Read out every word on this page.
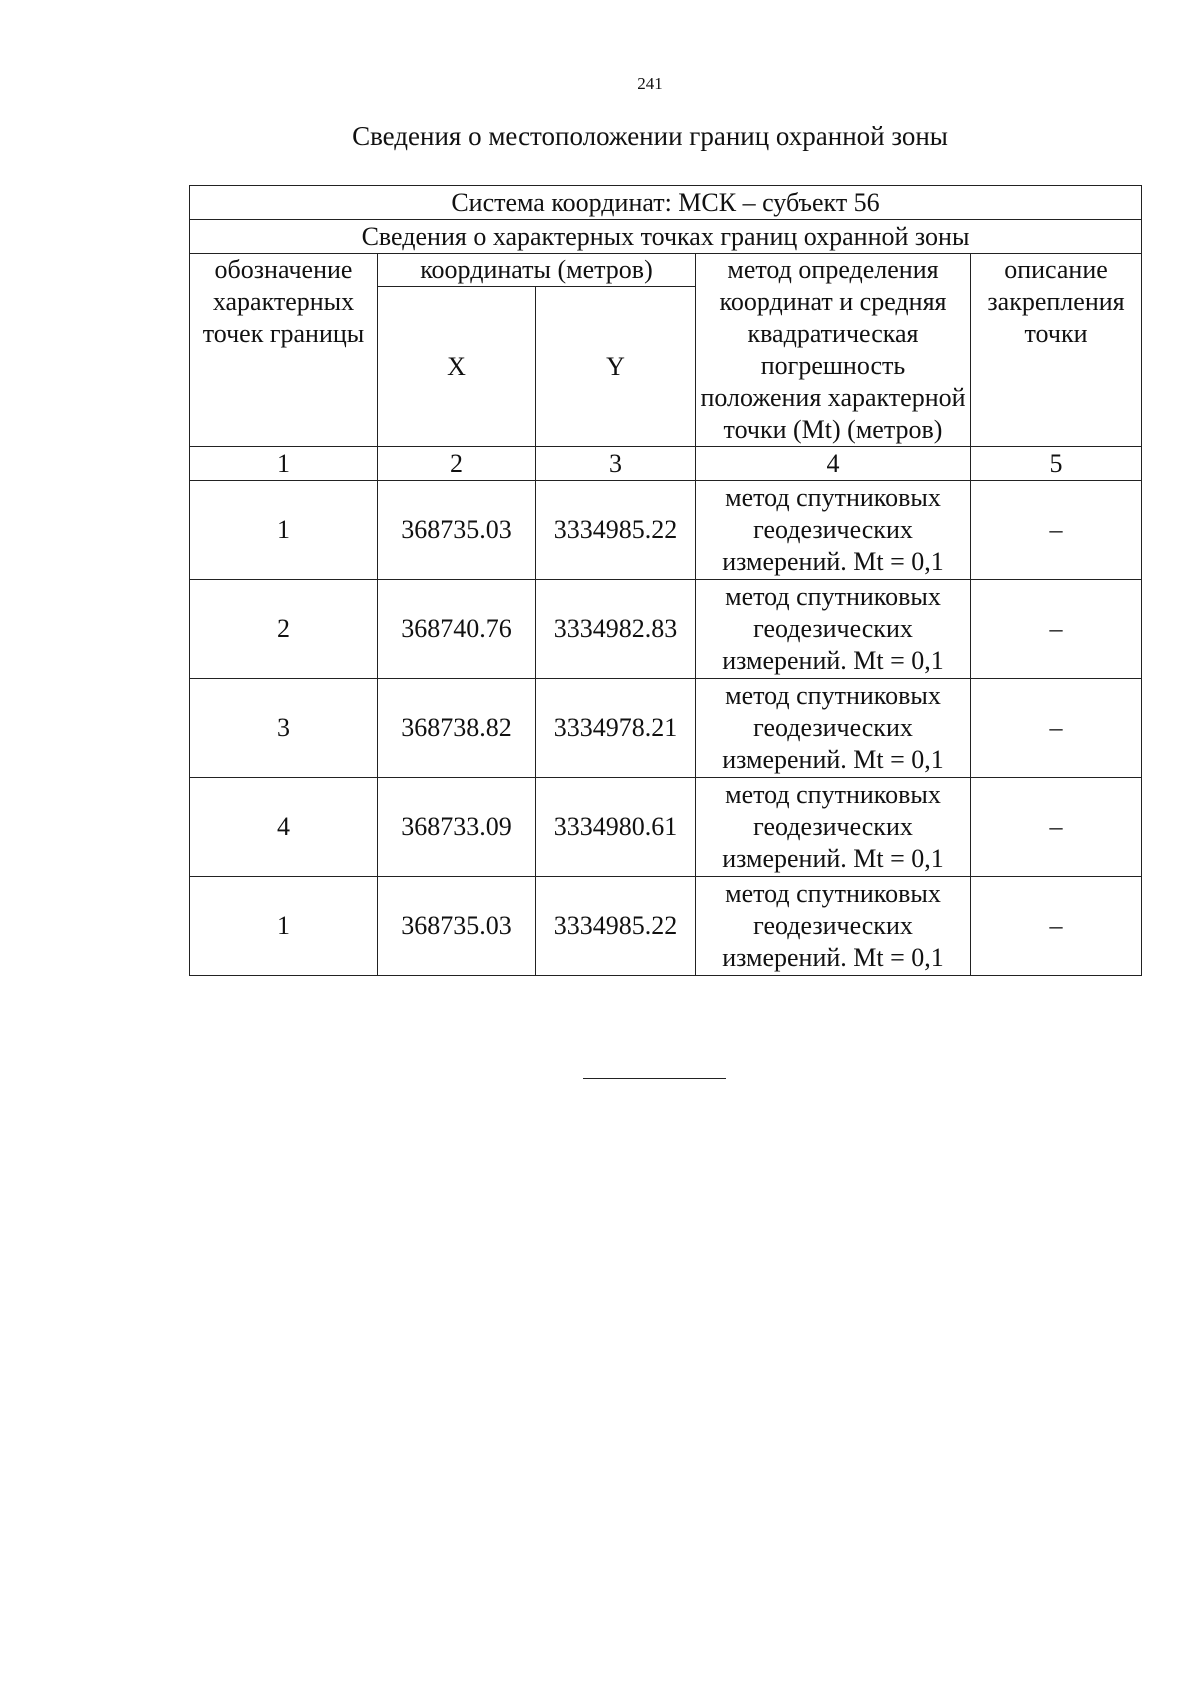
241
Сведения о местоположении границ охранной зоны
Система координат: МСК – субъект 56				
Сведения о характерных точках границ охранной зоны				
обозначение характерных точек границы	координаты (метров)		метод определения координат и средняя квадратическая погрешность положения характерной точки (Mt) (метров)	описание закрепления точки
	X	Y		
1	2	3	4	5
1	368735.03	3334985.22	метод спутниковых геодезических измерений. Mt = 0,1	–
2	368740.76	3334982.83	метод спутниковых геодезических измерений. Mt = 0,1	–
3	368738.82	3334978.21	метод спутниковых геодезических измерений. Mt = 0,1	–
4	368733.09	3334980.61	метод спутниковых геодезических измерений. Mt = 0,1	–
1	368735.03	3334985.22	метод спутниковых геодезических измерений. Mt = 0,1	–
